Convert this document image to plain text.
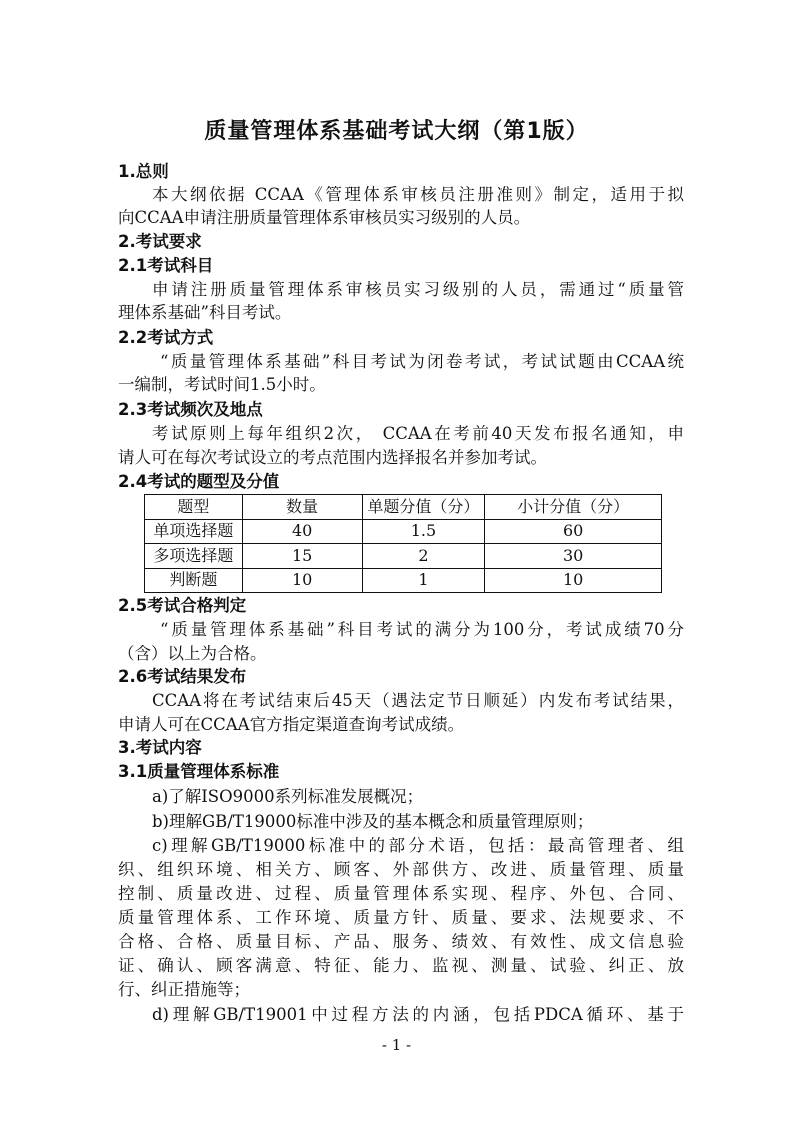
质量管理体系基础考试大纲（第1版）
1.总则
本大纲依据 CCAA《管理体系审核员注册准则》制定，适用于拟
向CCAA申请注册质量管理体系审核员实习级别的人员。
2.考试要求
2.1考试科目
申请注册质量管理体系审核员实习级别的人员，需通过“质量管
理体系基础”科目考试。
2.2考试方式
“质量管理体系基础”科目考试为闭卷考试，考试试题由CCAA统
一编制，考试时间1.5小时。
2.3考试频次及地点
考试原则上每年组织2次， CCAA在考前40天发布报名通知，申
请人可在每次考试设立的考点范围内选择报名并参加考试。
2.4考试的题型及分值
题型	数量	单题分值（分）	小计分值（分）
单项选择题	40	1.5	60
多项选择题	15	2	30
判断题	10	1	10
2.5考试合格判定
“质量管理体系基础”科目考试的满分为100分，考试成绩70分
（含）以上为合格。
2.6考试结果发布
CCAA将在考试结束后45天（遇法定节日顺延）内发布考试结果，
申请人可在CCAA官方指定渠道查询考试成绩。
3.考试内容
3.1质量管理体系标准
a)了解ISO9000系列标准发展概况；
b)理解GB/T19000标准中涉及的基本概念和质量管理原则；
c)理解GB/T19000标准中的部分术语，包括：最高管理者、组
织、组织环境、相关方、顾客、外部供方、改进、质量管理、质量
控制、质量改进、过程、质量管理体系实现、程序、外包、合同、
质量管理体系、工作环境、质量方针、质量、要求、法规要求、不
合格、合格、质量目标、产品、服务、绩效、有效性、成文信息验
证、确认、顾客满意、特征、能力、监视、测量、试验、纠正、放
行、纠正措施等；
d)理解GB/T19001中过程方法的内涵，包括PDCA循环、基于
- 1 -
